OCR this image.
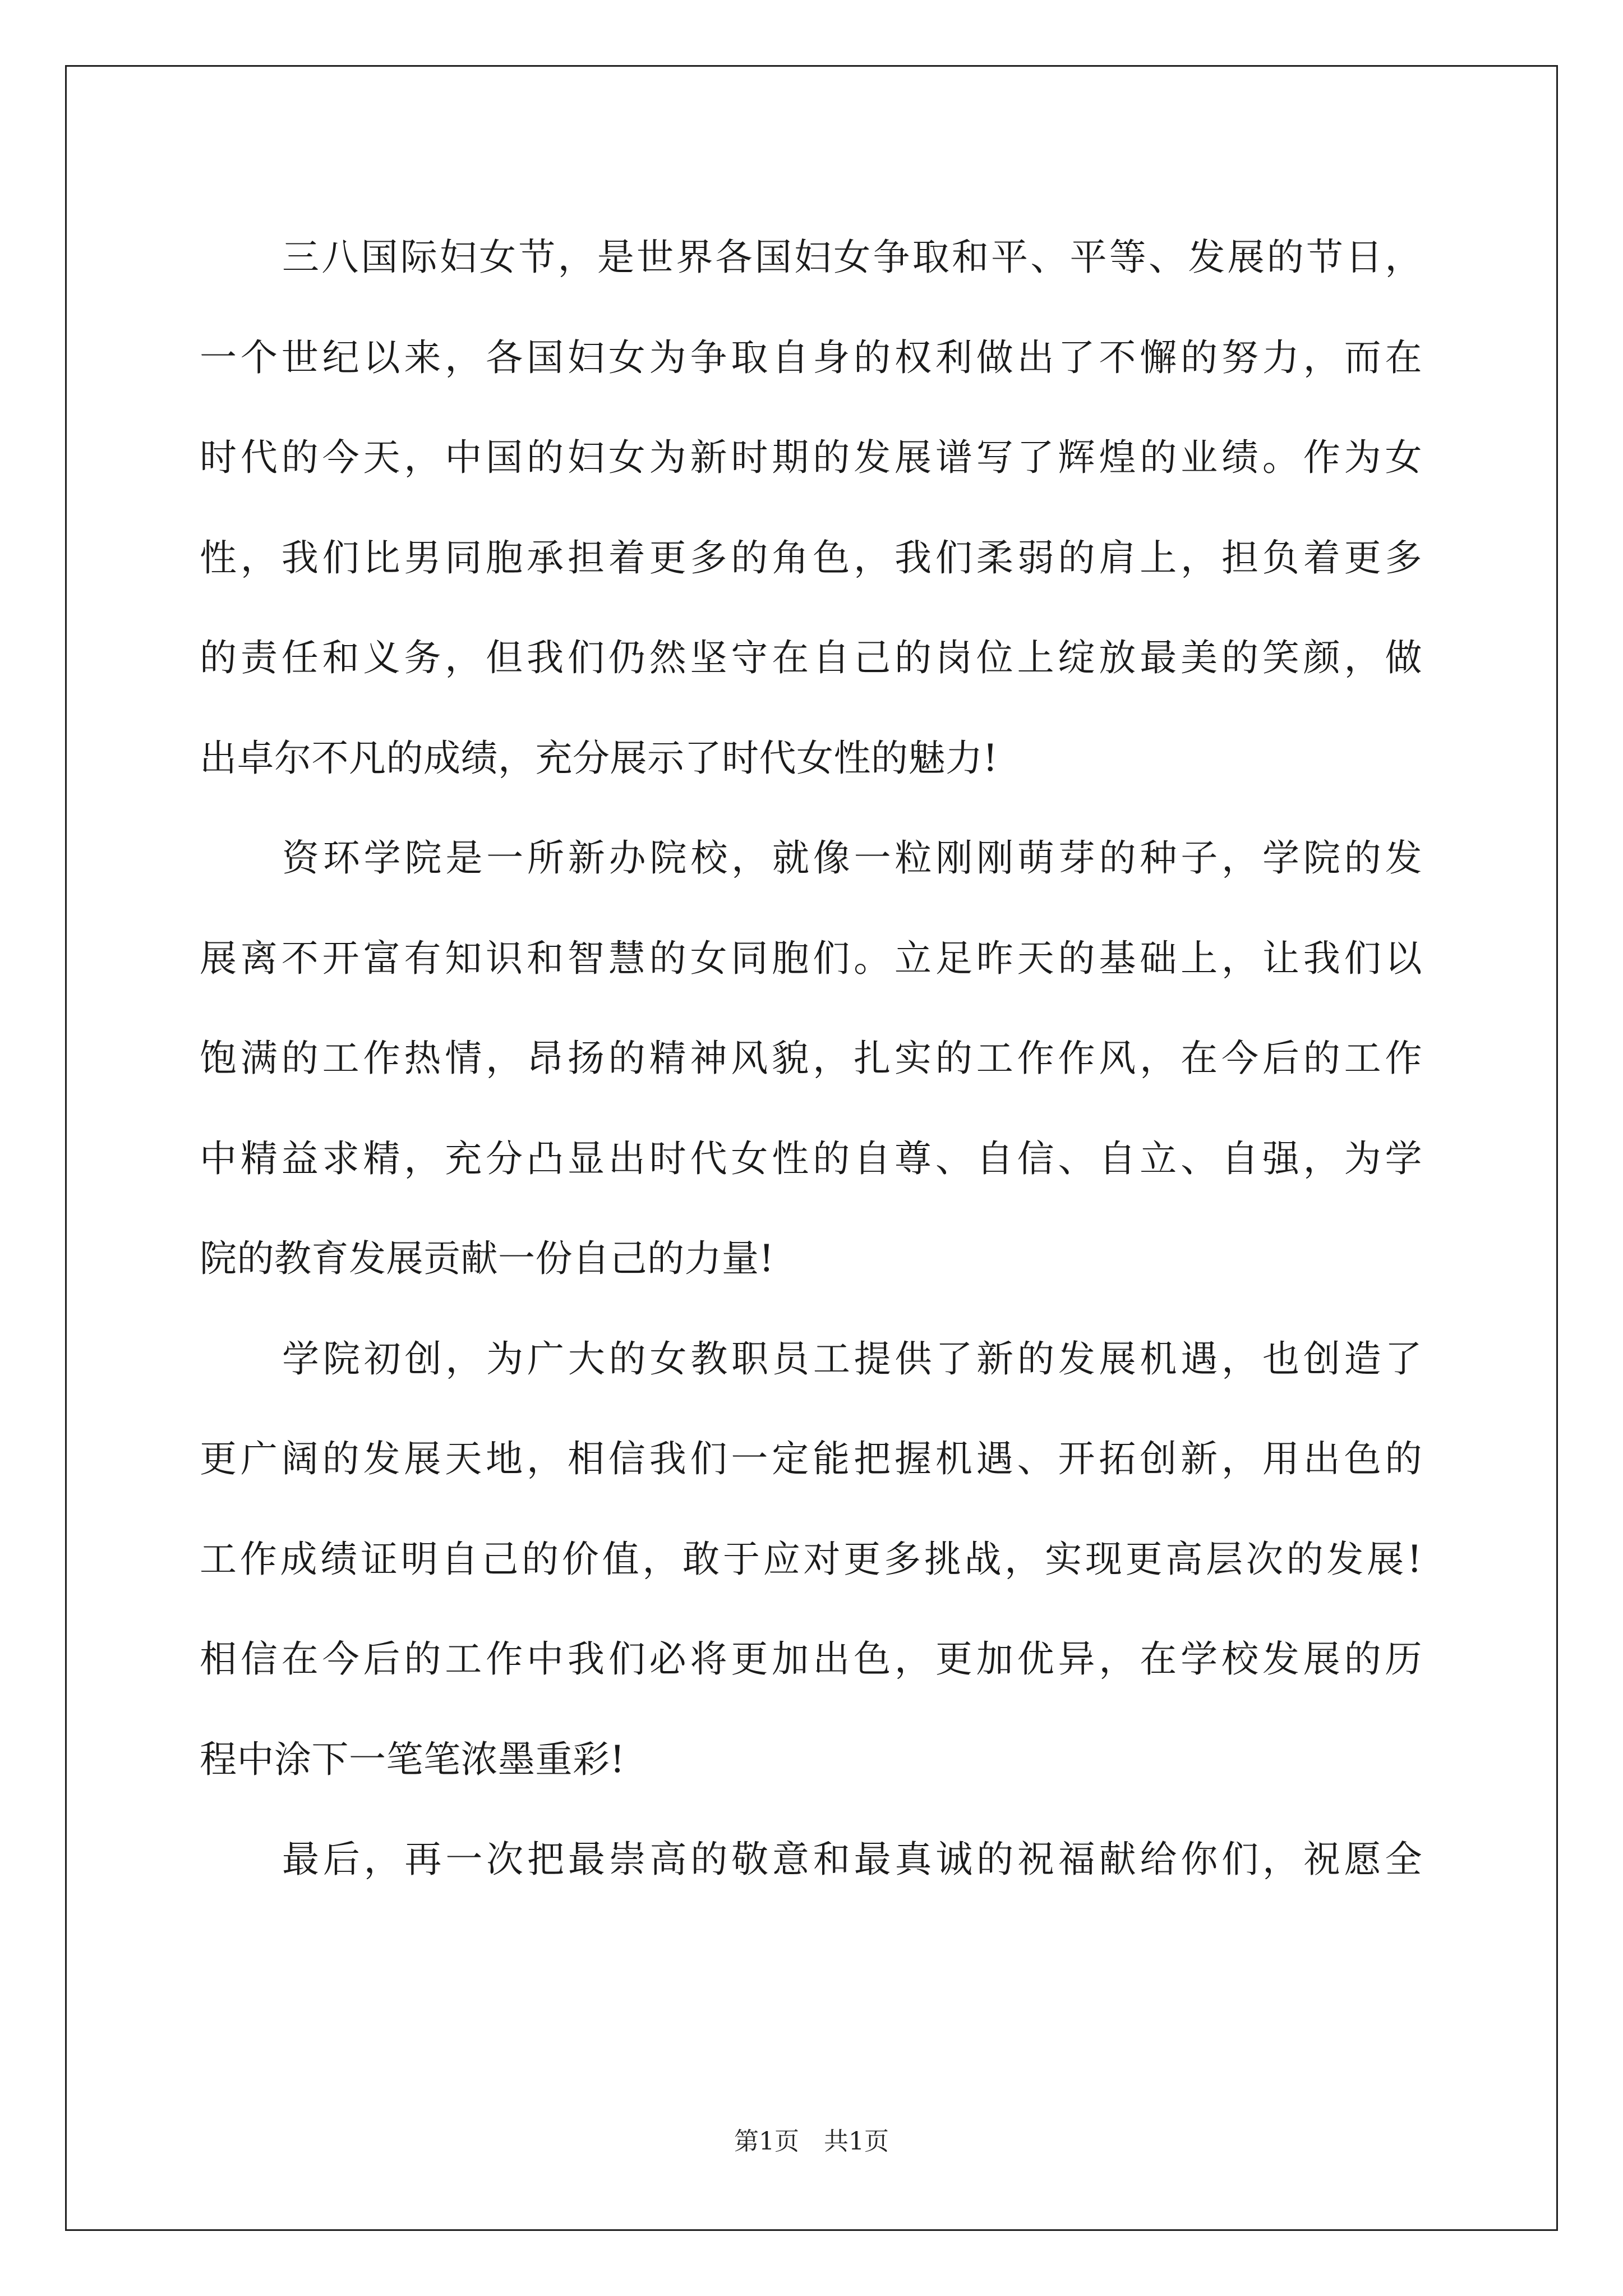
三八国际妇女节，是世界各国妇女争取和平、平等、发展的节日，
一个世纪以来，各国妇女为争取自身的权利做出了不懈的努力，而在
时代的今天，中国的妇女为新时期的发展谱写了辉煌的业绩。作为女
性，我们比男同胞承担着更多的角色，我们柔弱的肩上，担负着更多
的责任和义务，但我们仍然坚守在自己的岗位上绽放最美的笑颜，做
出卓尔不凡的成绩，充分展示了时代女性的魅力!
资环学院是一所新办院校，就像一粒刚刚萌芽的种子，学院的发
展离不开富有知识和智慧的女同胞们。立足昨天的基础上，让我们以
饱满的工作热情，昂扬的精神风貌，扎实的工作作风，在今后的工作
中精益求精，充分凸显出时代女性的自尊、自信、自立、自强，为学
院的教育发展贡献一份自己的力量!
学院初创，为广大的女教职员工提供了新的发展机遇，也创造了
更广阔的发展天地，相信我们一定能把握机遇、开拓创新，用出色的
工作成绩证明自己的价值，敢于应对更多挑战，实现更高层次的发展!
相信在今后的工作中我们必将更加出色，更加优异，在学校发展的历
程中涂下一笔笔浓墨重彩!
最后，再一次把最崇高的敬意和最真诚的祝福献给你们，祝愿全
第1页　共1页
